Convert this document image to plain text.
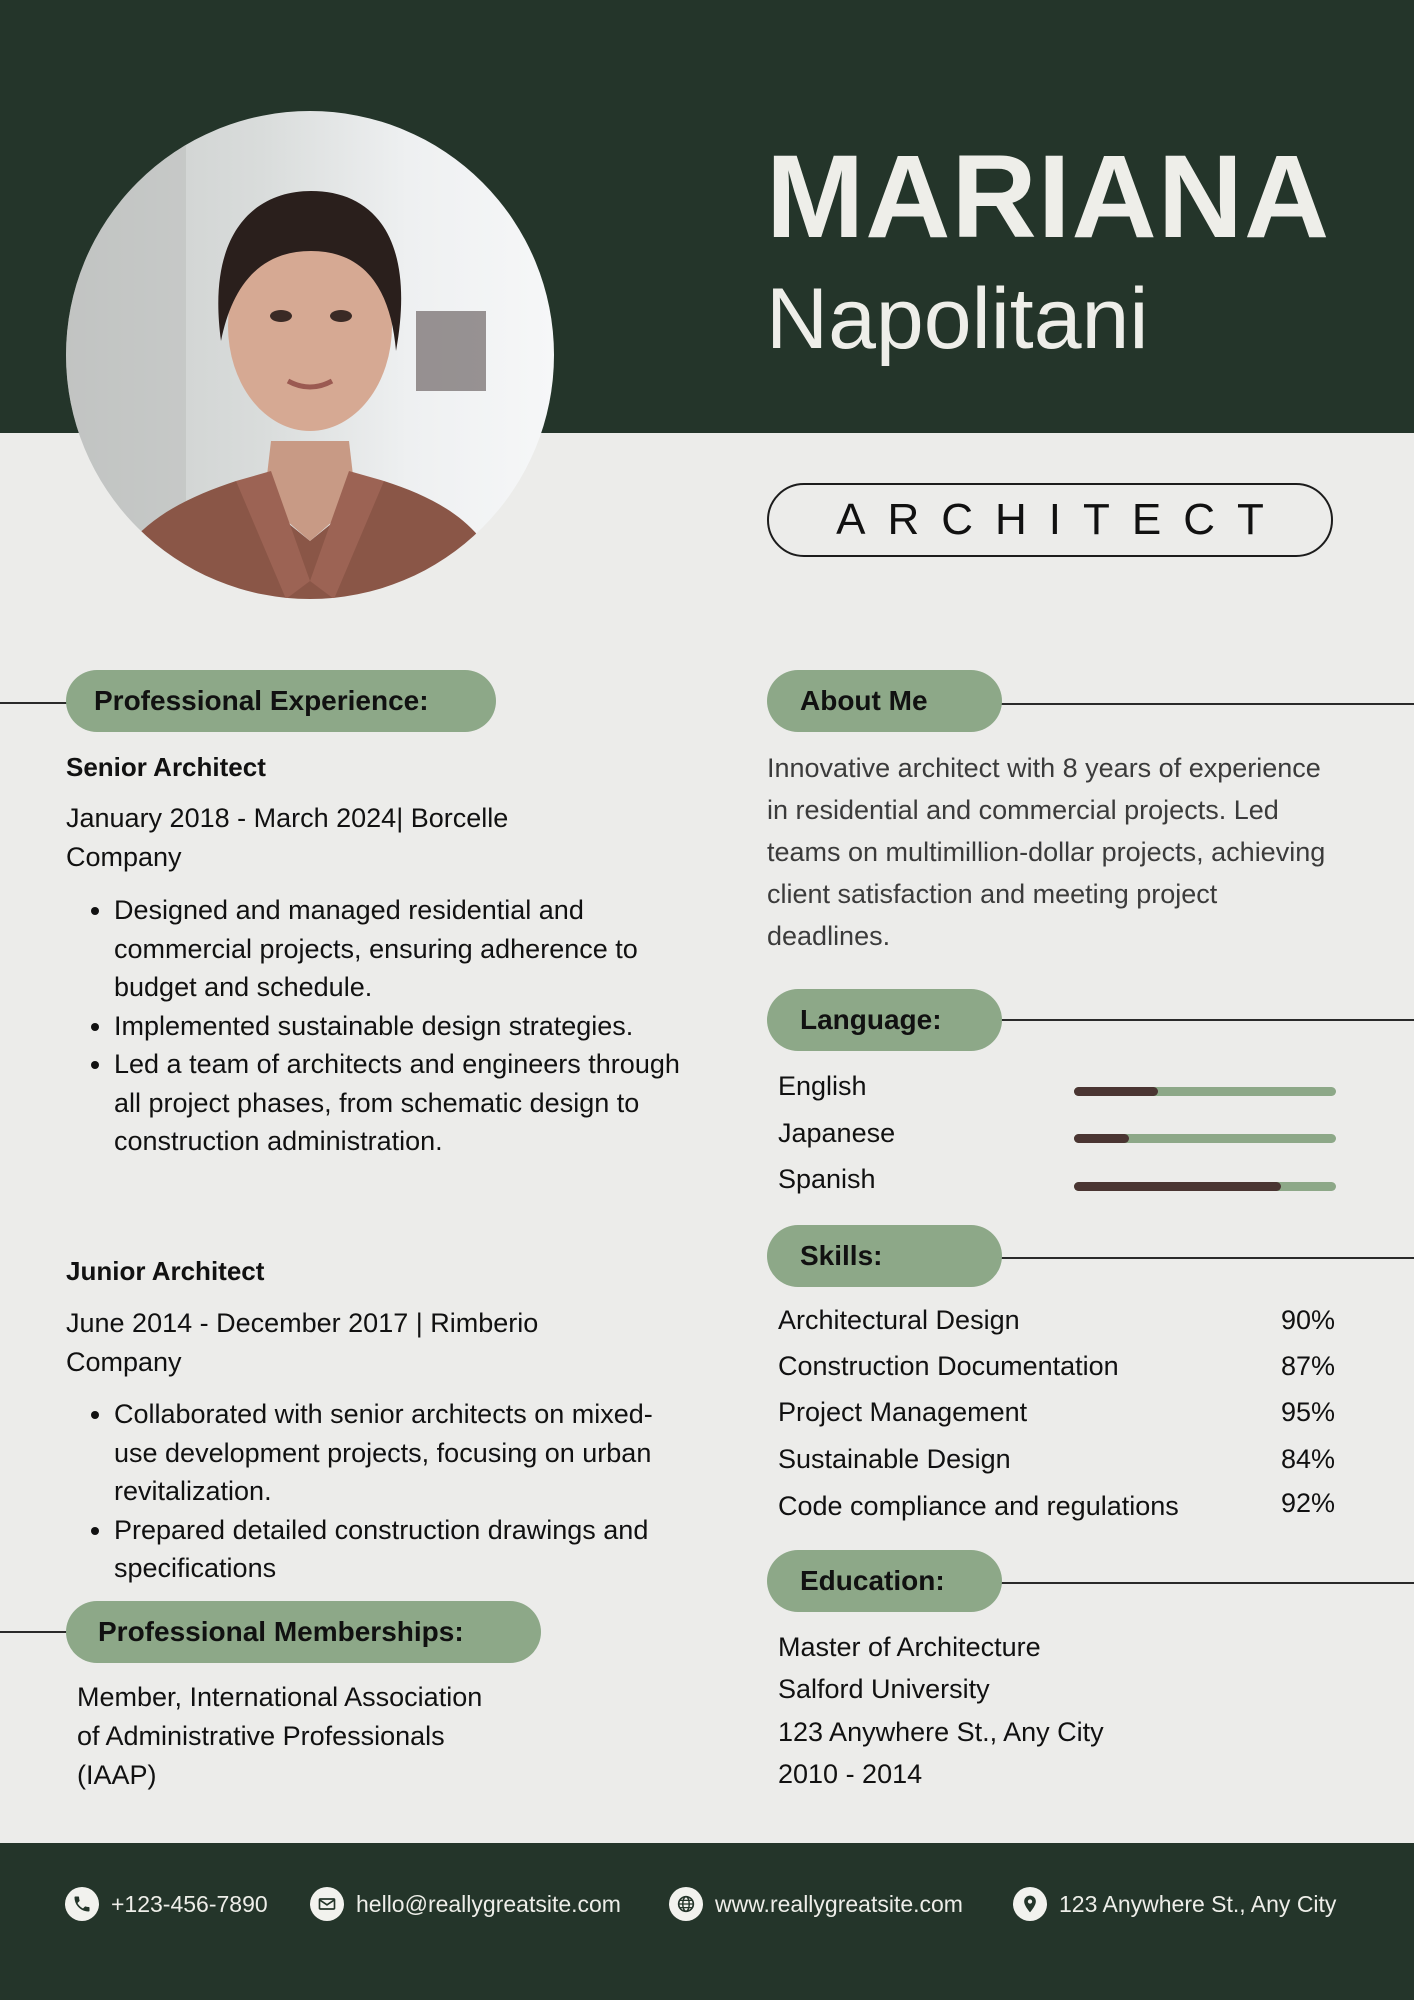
MARIANA
Napolitani
ARCHITECT
Professional Experience:
Senior Architect
January 2018 - March 2024| Borcelle Company
• Designed and managed residential and commercial projects, ensuring adherence to budget and schedule.
• Implemented sustainable design strategies.
• Led a team of architects and engineers through all project phases, from schematic design to construction administration.
Junior Architect
June 2014 - December 2017 | Rimberio Company
• Collaborated with senior architects on mixed-use development projects, focusing on urban revitalization.
• Prepared detailed construction drawings and specifications
Professional Memberships:
Member, International Association of Administrative Professionals (IAAP)
About Me
Innovative architect with 8 years of experience in residential and commercial projects. Led teams on multimillion-dollar projects, achieving client satisfaction and meeting project deadlines.
Language:
English
Japanese
Spanish
Skills:
Architectural Design	90%
Construction Documentation	87%
Project Management	95%
Sustainable Design	84%
Code compliance and regulations	92%
Education:
Master of Architecture
Salford University
123 Anywhere St., Any City
2010 - 2014
+123-456-7890	hello@reallygreatsite.com	www.reallygreatsite.com	123 Anywhere St., Any City
